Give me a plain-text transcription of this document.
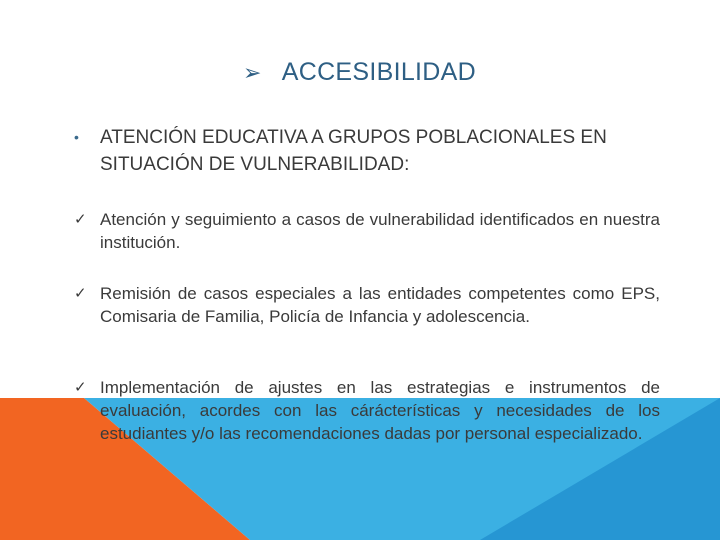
➢ ACCESIBILIDAD
• ATENCIÓN EDUCATIVA A GRUPOS POBLACIONALES EN SITUACIÓN DE VULNERABILIDAD:
✓ Atención y seguimiento a casos de vulnerabilidad identificados en nuestra institución.
✓ Remisión de casos especiales a las entidades competentes como EPS, Comisaria de Familia, Policía de Infancia y adolescencia.
✓ Implementación de ajustes en las estrategias e instrumentos de evaluación, acordes con las cárácterísticas y necesidades de los estudiantes y/o las recomendaciones dadas por personal especializado.
